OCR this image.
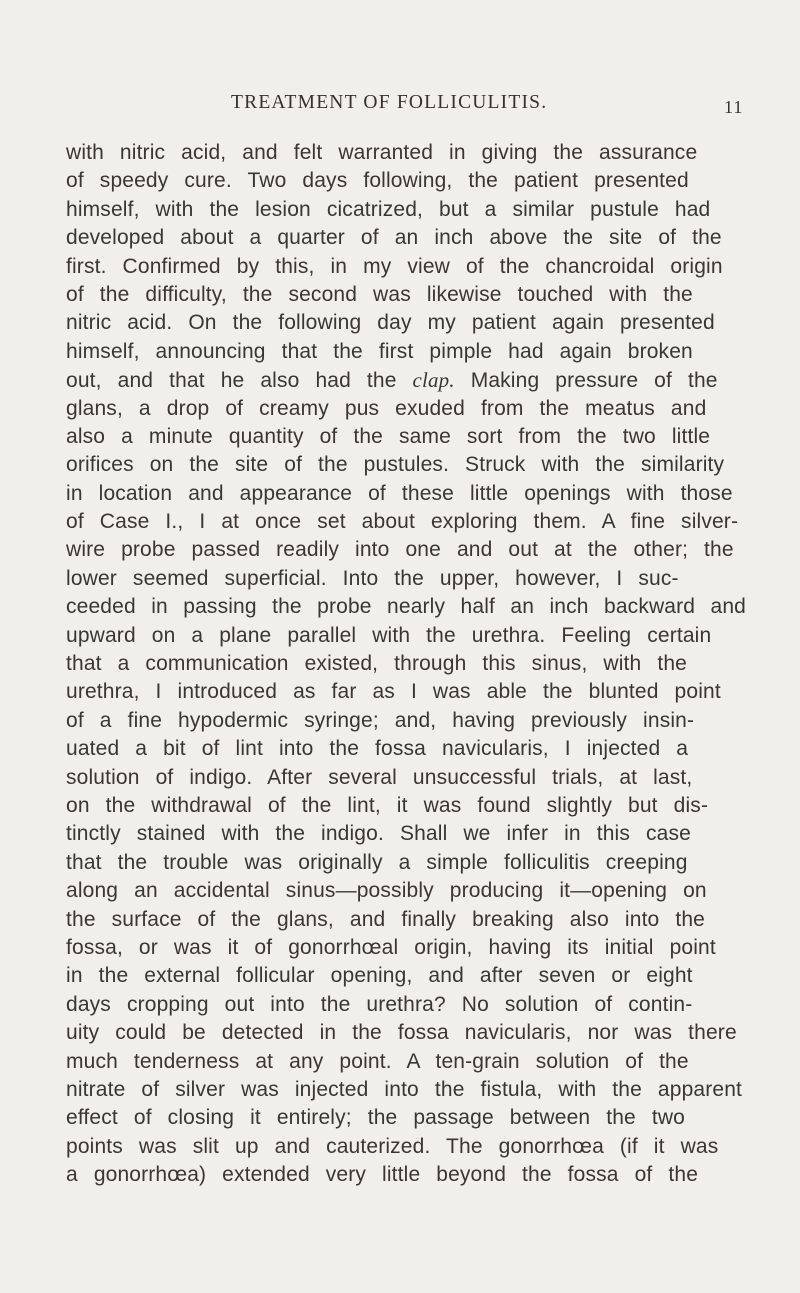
TREATMENT OF FOLLICULITIS.	11
with nitric acid, and felt warranted in giving the assurance
of speedy cure. Two days following, the patient presented
himself, with the lesion cicatrized, but a similar pustule had
developed about a quarter of an inch above the site of the
first. Confirmed by this, in my view of the chancroidal origin
of the difficulty, the second was likewise touched with the
nitric acid. On the following day my patient again presented
himself, announcing that the first pimple had again broken
out, and that he also had the clap. Making pressure of the
glans, a drop of creamy pus exuded from the meatus and
also a minute quantity of the same sort from the two little
orifices on the site of the pustules. Struck with the similarity
in location and appearance of these little openings with those
of Case I., I at once set about exploring them. A fine silver-
wire probe passed readily into one and out at the other; the
lower seemed superficial. Into the upper, however, I suc-
ceeded in passing the probe nearly half an inch backward and
upward on a plane parallel with the urethra. Feeling certain
that a communication existed, through this sinus, with the
urethra, I introduced as far as I was able the blunted point
of a fine hypodermic syringe; and, having previously insin-
uated a bit of lint into the fossa navicularis, I injected a
solution of indigo. After several unsuccessful trials, at last,
on the withdrawal of the lint, it was found slightly but dis-
tinctly stained with the indigo. Shall we infer in this case
that the trouble was originally a simple folliculitis creeping
along an accidental sinus—possibly producing it—opening on
the surface of the glans, and finally breaking also into the
fossa, or was it of gonorrhœal origin, having its initial point
in the external follicular opening, and after seven or eight
days cropping out into the urethra? No solution of contin-
uity could be detected in the fossa navicularis, nor was there
much tenderness at any point. A ten-grain solution of the
nitrate of silver was injected into the fistula, with the apparent
effect of closing it entirely; the passage between the two
points was slit up and cauterized. The gonorrhœa (if it was
a gonorrhœa) extended very little beyond the fossa of the
